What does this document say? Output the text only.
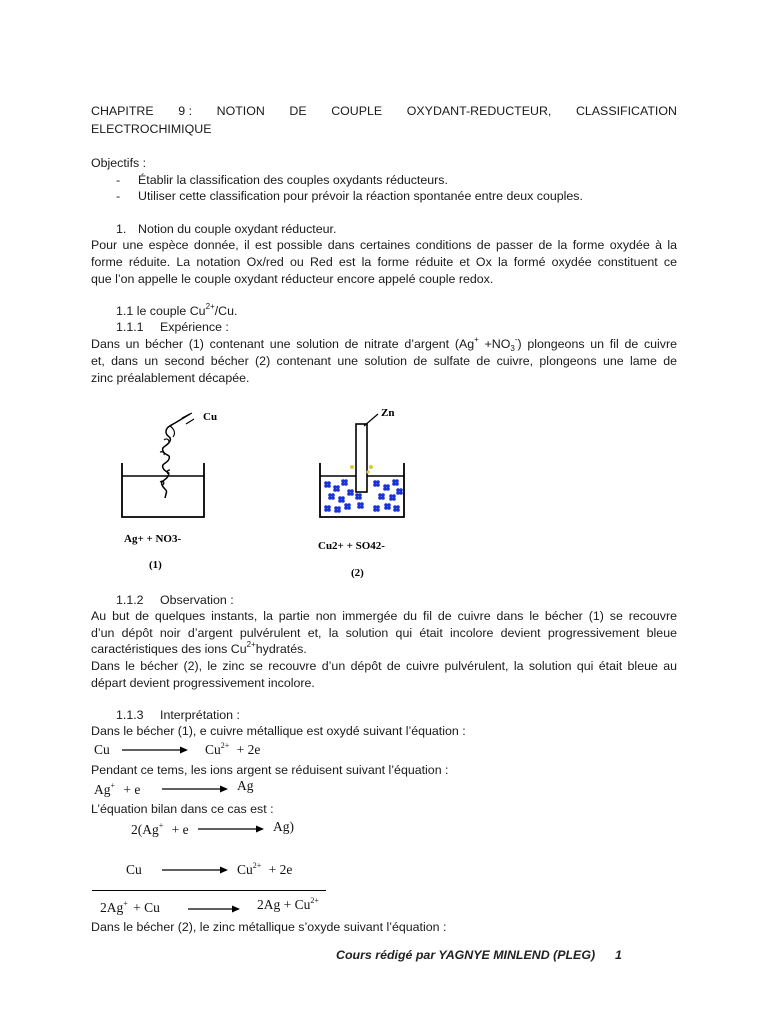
CHAPITRE 9 : NOTION DE COUPLE OXYDANT-REDUCTEUR, CLASSIFICATION
ELECTROCHIMIQUE
Objectifs :
- Établir la classification des couples oxydants réducteurs.
- Utiliser cette classification pour prévoir la réaction spontanée entre deux couples.
1. Notion du couple oxydant réducteur.
Pour une espèce donnée, il est possible dans certaines conditions de passer de la forme oxydée à la
forme réduite. La notation Ox/red ou Red est la forme réduite et Ox la formé oxydée constituent ce
que l’on appelle le couple oxydant réducteur encore appelé couple redox.
1.1 le couple $Cu^{2+}/Cu$.
1.1.1 Expérience :
Dans un bécher (1) contenant une solution de nitrate d’argent $(Ag^+ +NO_3^-)$ plongeons un fil de cuivre
et, dans un second bécher (2) contenant une solution de sulfate de cuivre, plongeons une lame de
zinc préalablement décapée.
Cu
Ag+ + NO3-
(1)
Zn
Cu2+ + SO42-
(2)
1.1.2 Observation :
Au but de quelques instants, la partie non immergée du fil de cuivre dans le bécher (1) se recouvre
d’un dépôt noir d’argent pulvérulent et, la solution qui était incolore devient progressivement bleue
caractéristiques des ions $Cu^{2+}hydratés$.
Dans le bécher (2), le zinc se recouvre d’un dépôt de cuivre pulvérulent, la solution qui était bleue au
départ devient progressivement incolore.
1.1.3 Interprétation :
Dans le bécher (1), e cuivre métallique est oxydé suivant l’équation :
Cu	$Cu^{2+} + 2e$
Pendant ce tems, les ions argent se réduisent suivant l’équation :
Ag+ + e	Ag
L’équation bilan dans ce cas est :
2(Ag+ + e	Ag)
Cu	$Cu^{2+} + 2e$
2Ag+ + Cu	$2Ag + Cu^{2+}$
Dans le bécher (2), le zinc métallique s’oxyde suivant l’équation :
Cours rédigé par YAGNYE MINLEND (PLEG) 1
